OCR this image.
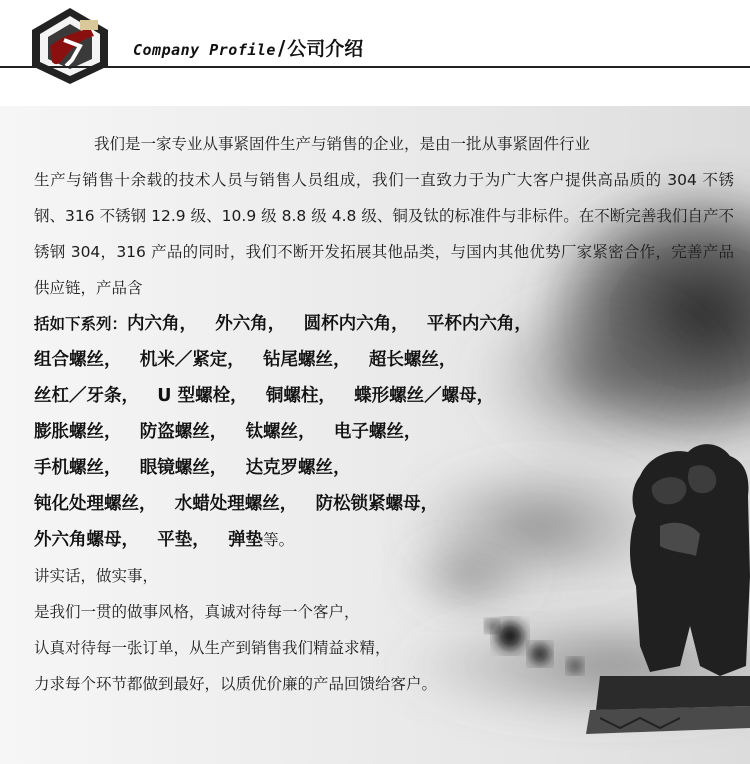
Company Profile / 公司介绍

我们是一家专业从事紧固件生产与销售的企业，是由一批从事紧固件行业
生产与销售十余载的技术人员与销售人员组成，我们一直致力于为广大客户提供高品质的 304 不锈钢、316 不锈钢 12.9 级、10.9 级 8.8 级 4.8 级、铜及钛的标准件与非标件。在不断完善我们自产不锈钢 304，316 产品的同时，我们不断开发拓展其他品类，与国内其他优势厂家紧密合作，完善产品供应链，产品含

括如下系列：内六角， 外六角， 圆杯内六角， 平杯内六角，
组合螺丝， 机米／紧定， 钻尾螺丝， 超长螺丝，
丝杠／牙条， U 型螺栓， 铜螺柱， 蝶形螺丝／螺母，
膨胀螺丝， 防盗螺丝， 钛螺丝， 电子螺丝，
手机螺丝， 眼镜螺丝， 达克罗螺丝，
钝化处理螺丝， 水蜡处理螺丝， 防松锁紧螺母，
外六角螺母， 平垫， 弹垫等。

讲实话，做实事，
是我们一贯的做事风格，真诚对待每一个客户，
认真对待每一张订单，从生产到销售我们精益求精，
力求每个环节都做到最好，以质优价廉的产品回馈给客户。
